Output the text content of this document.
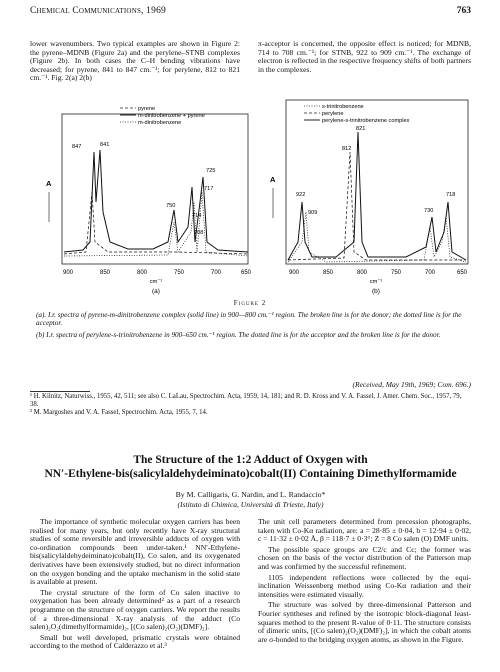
Chemical Communications, 1969	763

lower wavenumbers. Two typical examples are shown in Figure 2: the pyrene–MDNB (Figure 2a) and the perylene–STNB complexes (Figure 2b). In both cases the C–H bending vibrations have decreased; for pyrene, 841 to 847 cm.⁻¹; for perylene, 812 to 821 cm.⁻¹. Fig. 2(a) 2(b)

π-acceptor is concerned, the opposite effect is noticed; for MDNB, 714 to 708 cm.⁻¹; for STNB, 922 to 909 cm.⁻¹. The exchange of electron is reflected in the respective frequency shifts of both partners in the complexes.

pyrene
m-dinitrobenzene + pyrene
m-dinitrobenzene
847	841
725
717
750
714
708
A
900	850	800	750	700	650
cm⁻¹
(a)
s-trinitrobenzene
perylene
perylene-s-trinitrobenzene complex
821
812
922
909	730
718
A
900	850	800	750	700	650
cm⁻¹
(b)
Figure 2

(a). I.r. spectra of pyrene-m-dinitrobenzene complex (solid line) in 900—800 cm.⁻¹ region. The broken line is for the donor; the dotted line is for the acceptor.

(b) I.r. spectra of perylene-s-trinitrobenzene in 900–650 cm.⁻¹ region. The dotted line is for the acceptor and the broken line is for the donor.

(Received, May 19th, 1969; Com. 696.)

¹ H. Kilnitz, Naturwiss., 1955, 42, 511; see also C. LaLau, Spectrochim. Acta, 1959, 14, 181; and R. D. Kross and V. A. Fassel, J. Amer. Chem. Soc., 1957, 79, 38.

² M. Margoshes and V. A. Fassel, Spectrochim. Acta, 1955, 7, 14.

The Structure of the 1:2 Adduct of Oxygen with
NN′-Ethylene-bis(salicylaldehydeiminato)cobalt(II) Containing Dimethylformamide
By M. Calligaris, G. Nardin, and L. Randaccio*
(Istituto di Chimica, Università di Trieste, Italy)

The importance of synthetic molecular oxygen carriers has been realised for many years, but only recently have X-ray structural studies of some reversible and irreversible adducts of oxygen with co-ordination compounds been under-taken.¹ NN′-Ethylene-bis(salicylaldehydeiminato)cobalt(II), Co salen, and its oxygenated derivatives have been extensively studied, but no direct information on the oxygen bonding and the uptake mechanism in the solid state is available at present.

The crystal structure of the form of Co salen inactive to oxygenation has been already determined² as a part of a research programme on the structure of oxygen carriers. We report the results of a three-dimensional X-ray analysis of the adduct (Co salen)₂O₂(dimethylformamide)₂, [(Co salen)₂(O₂)(DMF)₂].

Small but well developed, prismatic crystals were obtained according to the method of Calderazzo et al.³

The unit cell parameters determined from precession photographs, taken with Co-Kα radiation, are: a = 28·85 ± 0·04, b = 12·94 ± 0·02, c = 11·32 ± 0·02 Å, β = 118·7 ± 0·3°; Z = 8 Co salen (O) DMF units.

The possible space groups are C2/c and Cc; the former was chosen on the basis of the vector distribution of the Patterson map and was confirmed by the successful refinement.

1105 independent reflections were collected by the equi-inclination Weissenberg method using Co-Kα radiation and their intensities were estimated visually.

The structure was solved by three-dimensional Patterson and Fourier syntheses and refined by the isotropic block-diagonal least-squares method to the present R-value of 0·11. The structure consists of dimeric units, [(Co salen)₂(O₂)(DMF)₂], in which the cobalt atoms are σ-bonded to the bridging oxygen atoms, as shown in the Figure.
